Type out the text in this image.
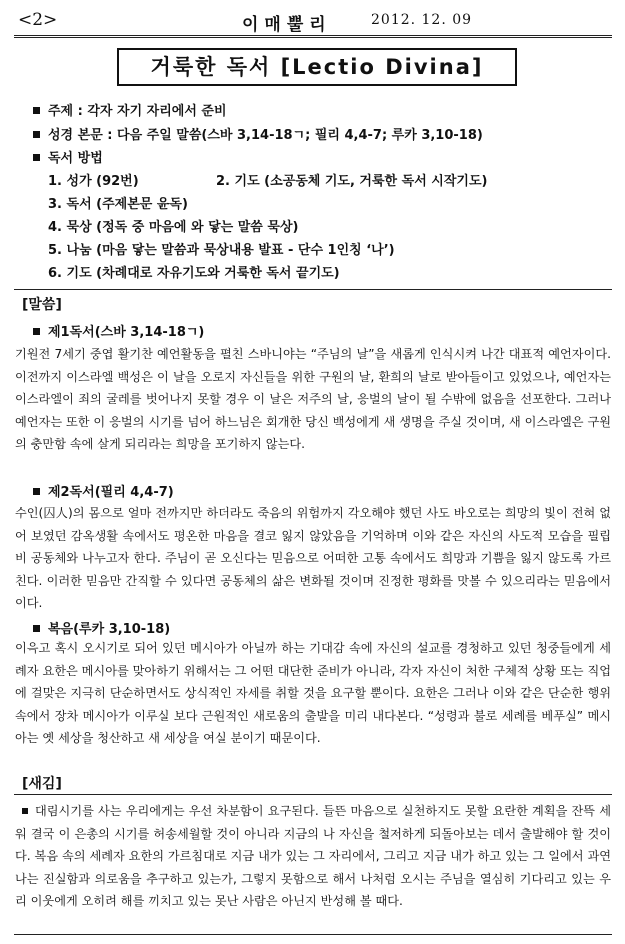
<2>	이매뿔리	2012. 12. 09
거룩한 독서 [Lectio Divina]
주제 : 각자 자기 자리에서 준비
성경 본문 : 다음 주일 말씀(스바 3,14-18ㄱ; 필리 4,4-7; 루카 3,10-18)
독서 방법
1. 성가 (92번)	2. 기도 (소공동체 기도, 거룩한 독서 시작기도)
3. 독서 (주제본문 윤독)
4. 묵상 (정독 중 마음에 와 닿는 말씀 묵상)
5. 나눔 (마음 닿는 말씀과 묵상내용 발표 - 단수 1인칭 ‘나’)
6. 기도 (차례대로 자유기도와 거룩한 독서 끝기도)
[말씀]
제1독서(스바 3,14-18ㄱ)

기원전 7세기 중엽 활기찬 예언활동을 펼친 스바니야는 “주님의 날”을 새롭게 인식시켜 나간 대표적 예언자이다. 이전까지 이스라엘 백성은 이 날을 오로지 자신들을 위한 구원의 날, 환희의 날로 받아들이고 있었으나, 예언자는 이스라엘이 죄의 굴레를 벗어나지 못할 경우 이 날은 저주의 날, 응벌의 날이 될 수밖에 없음을 선포한다. 그러나 예언자는 또한 이 응벌의 시기를 넘어 하느님은 회개한 당신 백성에게 새 생명을 주실 것이며, 새 이스라엘은 구원의 충만함 속에 살게 되리라는 희망을 포기하지 않는다.

제2독서(필리 4,4-7)

수인(囚人)의 몸으로 얼마 전까지만 하더라도 죽음의 위험까지 각오해야 했던 사도 바오로는 희망의 빛이 전혀 없어 보였던 감옥생활 속에서도 평온한 마음을 결코 잃지 않았음을 기억하며 이와 같은 자신의 사도적 모습을 필립비 공동체와 나누고자 한다. 주님이 곧 오신다는 믿음으로 어떠한 고통 속에서도 희망과 기쁨을 잃지 않도록 가르친다. 이러한 믿음만 간직할 수 있다면 공동체의 삶은 변화될 것이며 진정한 평화를 맛볼 수 있으리라는 믿음에서이다.

복음(루카 3,10-18)

이윽고 혹시 오시기로 되어 있던 메시아가 아닐까 하는 기대감 속에 자신의 설교를 경청하고 있던 청중들에게 세례자 요한은 메시아를 맞아하기 위해서는 그 어떤 대단한 준비가 아니라, 각자 자신이 처한 구체적 상황 또는 직업에 걸맞은 지극히 단순하면서도 상식적인 자세를 취할 것을 요구할 뿐이다. 요한은 그러나 이와 같은 단순한 행위 속에서 장차 메시아가 이루실 보다 근원적인 새로움의 출발을 미리 내다본다. “성령과 불로 세례를 베푸실” 메시아는 옛 세상을 청산하고 새 세상을 여실 분이기 때문이다.

[새김]

대림시기를 사는 우리에게는 우선 차분함이 요구된다. 들뜬 마음으로 실천하지도 못할 요란한 계획을 잔뜩 세워 결국 이 은총의 시기를 허송세월할 것이 아니라 지금의 나 자신을 철저하게 되돌아보는 데서 출발해야 할 것이다. 복음 속의 세례자 요한의 가르침대로 지금 내가 있는 그 자리에서, 그리고 지금 내가 하고 있는 그 일에서 과연 나는 진실함과 의로움을 추구하고 있는가, 그렇지 못함으로 해서 나처럼 오시는 주님을 열심히 기다리고 있는 우리 이웃에게 오히려 해를 끼치고 있는 못난 사람은 아닌지 반성해 볼 때다.
